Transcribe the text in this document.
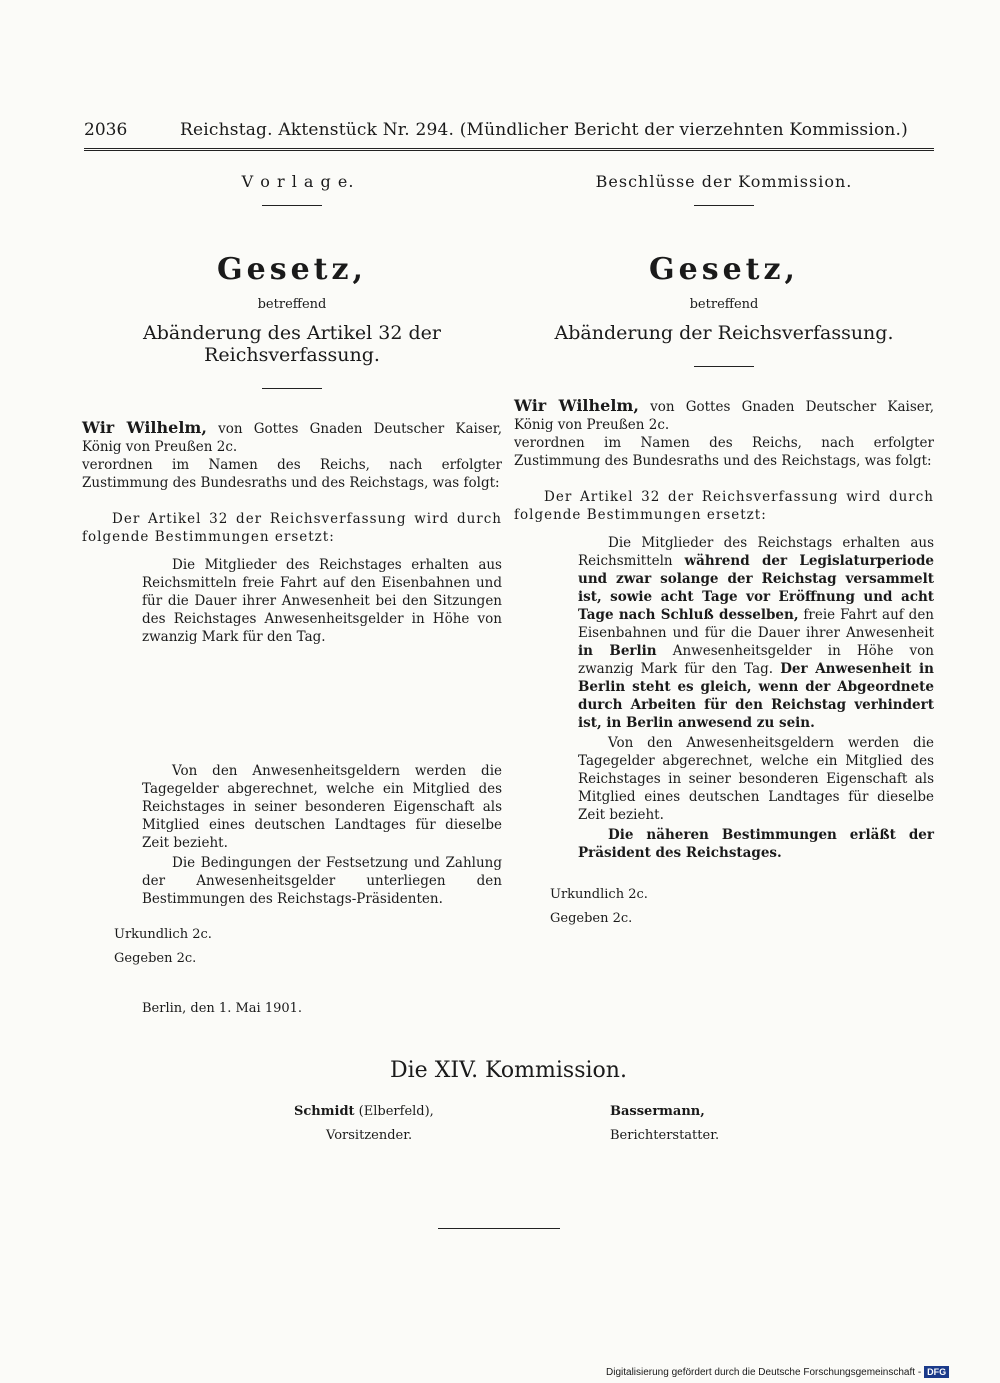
2036	Reichstag. Aktenstück Nr. 294. (Mündlicher Bericht der vierzehnten Kommission.)
V o r l a g e.
Gesetz,
betreffend
Abänderung des Artikel 32 der Reichsverfassung.

Wir Wilhelm, von Gottes Gnaden Deutscher Kaiser, König von Preußen 2c.

verordnen im Namen des Reichs, nach erfolgter Zustimmung des Bundesraths und des Reichstags, was folgt:

Der Artikel 32 der Reichsverfassung wird durch folgende Bestimmungen ersetzt:

Die Mitglieder des Reichstages erhalten aus Reichsmitteln freie Fahrt auf den Eisenbahnen und für die Dauer ihrer Anwesenheit bei den Sitzungen des Reichstages Anwesenheitsgelder in Höhe von zwanzig Mark für den Tag.

Von den Anwesenheitsgeldern werden die Tagegelder abgerechnet, welche ein Mitglied des Reichstages in seiner besonderen Eigenschaft als Mitglied eines deutschen Landtages für dieselbe Zeit bezieht.

Die Bedingungen der Festsetzung und Zahlung der Anwesenheitsgelder unterliegen den Bestimmungen des Reichstags-Präsidenten.

Urkundlich 2c.

Gegeben 2c.

Berlin, den 1. Mai 1901.

Beschlüsse der Kommission.
Gesetz,
betreffend
Abänderung der Reichsverfassung.

Wir Wilhelm, von Gottes Gnaden Deutscher Kaiser, König von Preußen 2c.

verordnen im Namen des Reichs, nach erfolgter Zustimmung des Bundesraths und des Reichstags, was folgt:

Der Artikel 32 der Reichsverfassung wird durch folgende Bestimmungen ersetzt:

Die Mitglieder des Reichstags erhalten aus Reichsmitteln während der Legislaturperiode und zwar solange der Reichstag versammelt ist, sowie acht Tage vor Eröffnung und acht Tage nach Schluß desselben, freie Fahrt auf den Eisenbahnen und für die Dauer ihrer Anwesenheit in Berlin Anwesenheitsgelder in Höhe von zwanzig Mark für den Tag. Der Anwesenheit in Berlin steht es gleich, wenn der Abgeordnete durch Arbeiten für den Reichstag verhindert ist, in Berlin anwesend zu sein.

Von den Anwesenheitsgeldern werden die Tagegelder abgerechnet, welche ein Mitglied des Reichstages in seiner besonderen Eigenschaft als Mitglied eines deutschen Landtages für dieselbe Zeit bezieht.

Die näheren Bestimmungen erläßt der Präsident des Reichstages.

Urkundlich 2c.

Gegeben 2c.

Die XIV. Kommission.
Schmidt (Elberfeld),
Vorsitzender.
Bassermann,
Berichterstatter.
Digitalisierung gefördert durch die Deutsche Forschungsgemeinschaft - DFG
